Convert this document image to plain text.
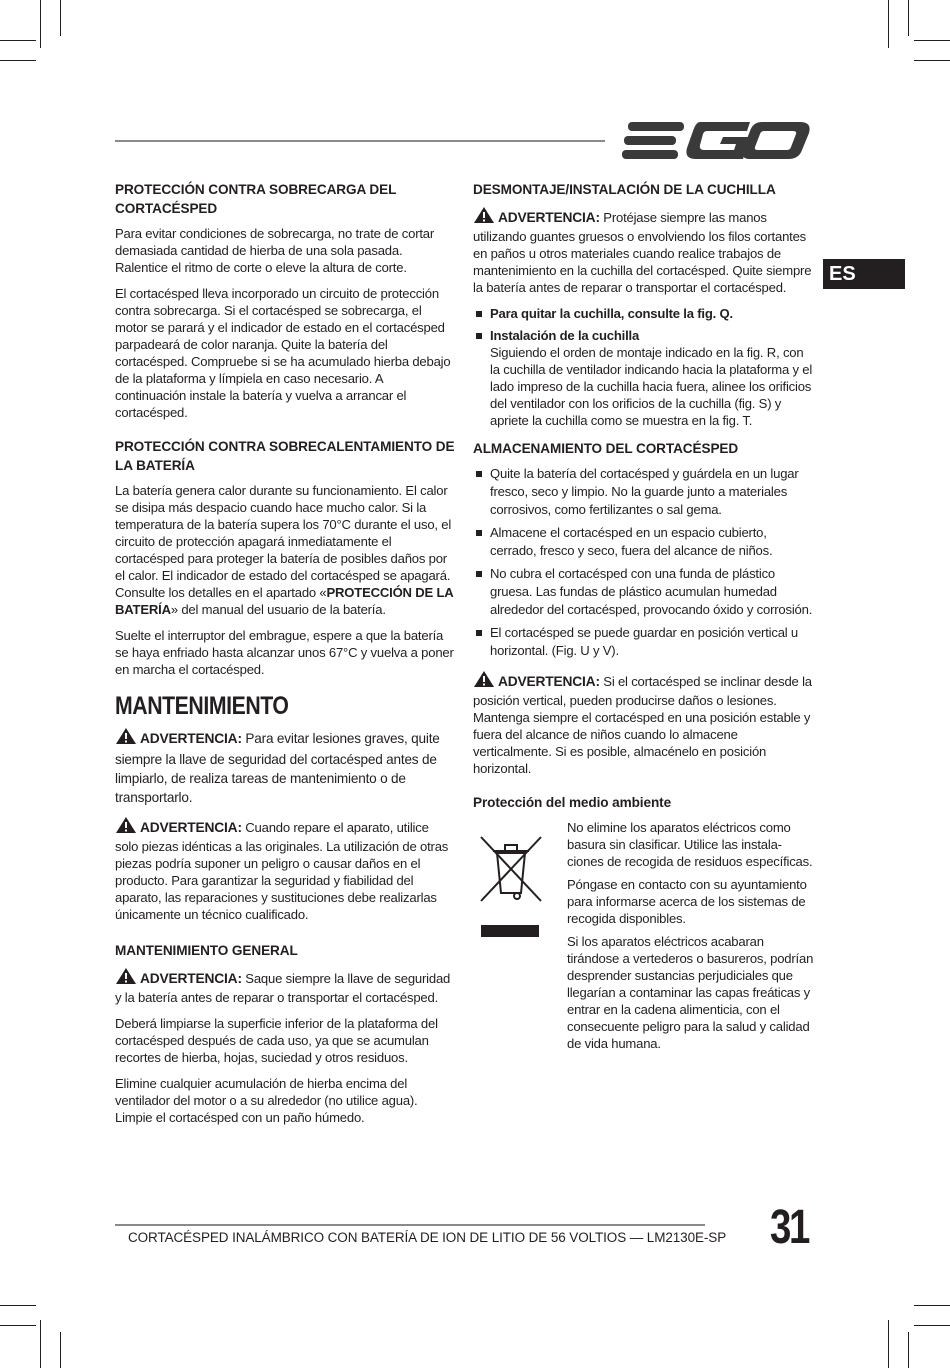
ES
PROTECCIÓN CONTRA SOBRECARGA DEL CORTACÉSPED

Para evitar condiciones de sobrecarga, no trate de cortar demasiada cantidad de hierba de una sola pasada. Ralentice el ritmo de corte o eleve la altura de corte.

El cortacésped lleva incorporado un circuito de protección contra sobrecarga. Si el cortacésped se sobrecarga, el motor se parará y el indicador de estado en el cortacésped parpadeará de color naranja. Quite la batería del cortacésped. Compruebe si se ha acumulado hierba debajo de la plataforma y límpiela en caso necesario. A continuación instale la batería y vuelva a arrancar el cortacésped.

PROTECCIÓN CONTRA SOBRECALENTAMIENTO DE LA BATERÍA

La batería genera calor durante su funcionamiento. El calor se disipa más despacio cuando hace mucho calor. Si la temperatura de la batería supera los 70°C durante el uso, el circuito de protección apagará inmediatamente el cortacésped para proteger la batería de posibles daños por el calor. El indicador de estado del cortacésped se apagará. Consulte los detalles en el apartado «PROTECCIÓN DE LA BATERÍA» del manual del usuario de la batería.

Suelte el interruptor del embrague, espere a que la batería se haya enfriado hasta alcanzar unos 67°C y vuelva a poner en marcha el cortacésped.

MANTENIMIENTO

ADVERTENCIA: Para evitar lesiones graves, quite siempre la llave de seguridad del cortacésped antes de limpiarlo, de realiza tareas de mantenimiento o de transportarlo.

ADVERTENCIA: Cuando repare el aparato, utilice solo piezas idénticas a las originales. La utilización de otras piezas podría suponer un peligro o causar daños en el producto. Para garantizar la seguridad y fiabilidad del aparato, las reparaciones y sustituciones debe realizarlas únicamente un técnico cualificado.

MANTENIMIENTO GENERAL

ADVERTENCIA: Saque siempre la llave de seguridad y la batería antes de reparar o transportar el cortacésped.

Deberá limpiarse la superficie inferior de la plataforma del cortacésped después de cada uso, ya que se acumulan recortes de hierba, hojas, suciedad y otros residuos.

Elimine cualquier acumulación de hierba encima del ventilador del motor o a su alrededor (no utilice agua). Limpie el cortacésped con un paño húmedo.

DESMONTAJE/INSTALACIÓN DE LA CUCHILLA

ADVERTENCIA: Protéjase siempre las manos utilizando guantes gruesos o envolviendo los filos cortantes en paños u otros materiales cuando realice trabajos de mantenimiento en la cuchilla del cortacésped. Quite siempre la batería antes de reparar o transportar el cortacésped.

Para quitar la cuchilla, consulte la fig. Q.
Instalación de la cuchilla
Siguiendo el orden de montaje indicado en la fig. R, con la cuchilla de ventilador indicando hacia la plataforma y el lado impreso de la cuchilla hacia fuera, alinee los orificios del ventilador con los orificios de la cuchilla (fig. S) y apriete la cuchilla como se muestra en la fig. T.
ALMACENAMIENTO DEL CORTACÉSPED
Quite la batería del cortacésped y guárdela en un lugar fresco, seco y limpio. No la guarde junto a materiales corrosivos, como fertilizantes o sal gema.
Almacene el cortacésped en un espacio cubierto, cerrado, fresco y seco, fuera del alcance de niños.
No cubra el cortacésped con una funda de plástico gruesa. Las fundas de plástico acumulan humedad alrededor del cortacésped, provocando óxido y corrosión.
El cortacésped se puede guardar en posición vertical u horizontal. (Fig. U y V).

ADVERTENCIA: Si el cortacésped se inclinar desde la posición vertical, pueden producirse daños o lesiones. Mantenga siempre el cortacésped en una posición estable y fuera del alcance de niños cuando lo almacene verticalmente. Si es posible, almacénelo en posición horizontal.

Protección del medio ambiente

No elimine los aparatos eléctricos como basura sin clasificar. Utilice las instala-ciones de recogida de residuos específicas.

Póngase en contacto con su ayuntamiento para informarse acerca de los sistemas de recogida disponibles.

Si los aparatos eléctricos acabaran tirándose a vertederos o basureros, podrían desprender sustancias perjudiciales que llegarían a contaminar las capas freáticas y entrar en la cadena alimenticia, con el consecuente peligro para la salud y calidad de vida humana.

CORTACÉSPED INALÁMBRICO CON BATERÍA DE ION DE LITIO DE 56 VOLTIOS — LM2130E-SP 31
